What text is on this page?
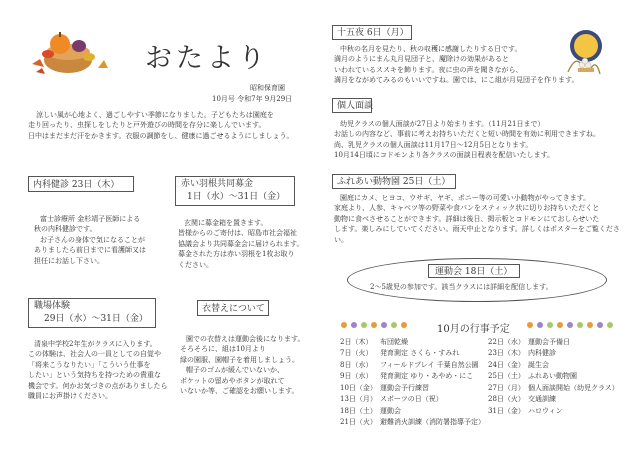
おたより
昭和保育園
10月号 令和7年 9月29日

涼しい風が心地よく、過ごしやすい季節になりました。子どもたちは園庭を

走り回ったり、虫探しをしたりと戸外遊びの時間を存分に楽しんでいます。

日中はまだまだ汗をかきます。衣服の調節をし、健康に過ごせるようにしましょう。

内科健診 23日（木）

富士診療所 金杉靖子医師による

秋の内科健診です。

お子さんの身体で気になることが

ありましたら前日までに看護師又は

担任にお話し下さい。

赤い羽根共同募金
1日（水）～31日（金）

玄関に募金箱を置きます。

皆様からのご寄付は、昭島市社会福祉

協議会より共同募金会に届けられます。

募金された方は赤い羽根を1枚お取り

ください。

職場体験
29日（水）～31日（金）

清泉中学校2年生がクラスに入ります。

この体験は、社会人の一員としての自覚や

「将来こうなりたい」「こういう仕事を

したい」という気持ちを持つための貴重な

機会です。何かお気づきの点がありましたら

職員にお声掛けください。

衣替えについて

園での衣替えは運動会後になります。

そろそろに、組は10月より

緑の園服、園帽子を着用しましょう。

帽子のゴムが緩んでいないか、

ポケットの留めやボタンが取れて

いないか等、ご確認をお願いします。

十五夜 6日（月）

中秋の名月を見たり、秋の収穫に感謝したりする日です。

満月のようにまん丸月見団子と、魔除けの効果があると

いわれているススキを飾ります。夜に虫の声を聞きながら、

満月をながめてみるのもいいですね。園では、にこ組が月見団子を作ります。

個人面談

幼児クラスの個人面談が27日より始まります。（11月21日まで）

お話しの内容など、事前に考えお持ちいただくと短い時間を有効に利用できますね。

尚、乳児クラスの個人面談は11月17日～12月5日となります。

10月14日頃にコドモンより各クラスの面談日程表を配信いたします。

ふれあい動物園 25日（土）

園庭にカメ、ヒヨコ、ウサギ、ヤギ、ポニー等の可愛い小動物がやってきます。

家庭より、人参、キャベツ等の野菜や食パンをスティック状に切りお持ちいただくと

動物に食べさせることができます。詳細は後日、掲示板とコドモンにておしらせいた

します。楽しみにしていてください。雨天中止となります。詳しくはポスターをご覧ください。

運動会 18日（土）
2～5歳児の参加です。該当クラスには詳細を配信します。
10月の行事予定
2日（木）	布団乾燥
7日（火）	発育測定 さくら・すみれ
8日（水）	フィールドプレイ 千葉自然公園
9日（水）	発育測定 ゆり・あやめ・にこ
10日（金） 運動会予行練習
13日（月） スポーツの日（祝）
18日（土） 運動会
21日（火） 避難消火訓練（消防署指導予定）
22日（水） 運動会予備日
23日（木） 内科健診
24日（金） 誕生会
25日（土） ふれあい動物園
27日（月） 個人面談開始（幼児クラス）
28日（火） 交通訓練
31日（金） ハロウィン
